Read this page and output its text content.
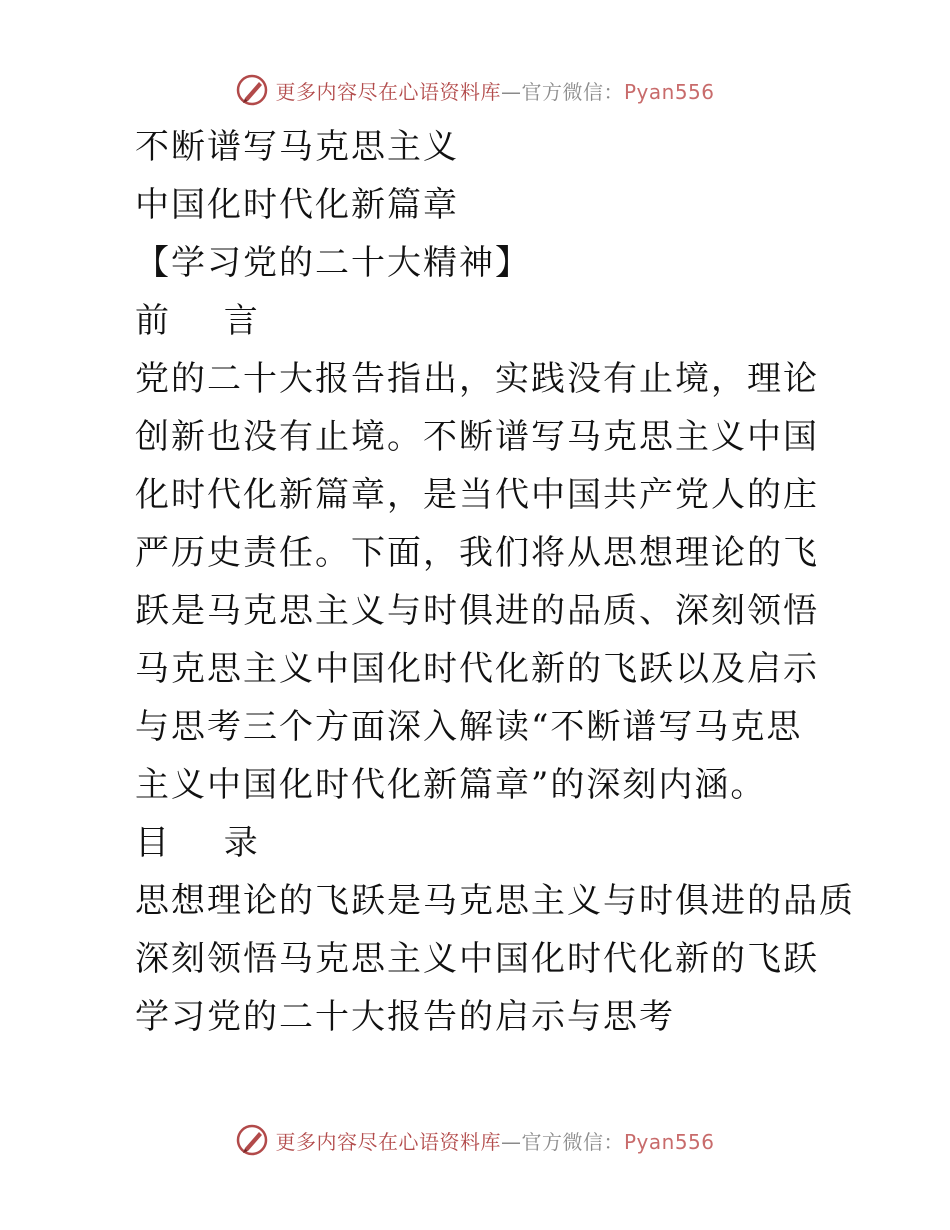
更多内容尽在心语资料库—官方微信：Pyan556
不断谱写马克思主义
中国化时代化新篇章
【学习党的二十大精神】
前 言
党的二十大报告指出，实践没有止境，理论
创新也没有止境。不断谱写马克思主义中国
化时代化新篇章，是当代中国共产党人的庄
严历史责任。下面，我们将从思想理论的飞
跃是马克思主义与时俱进的品质、深刻领悟
马克思主义中国化时代化新的飞跃以及启示
与思考三个方面深入解读“不断谱写马克思
主义中国化时代化新篇章”的深刻内涵。
目 录
思想理论的飞跃是马克思主义与时俱进的品质
深刻领悟马克思主义中国化时代化新的飞跃
学习党的二十大报告的启示与思考
更多内容尽在心语资料库—官方微信：Pyan556
